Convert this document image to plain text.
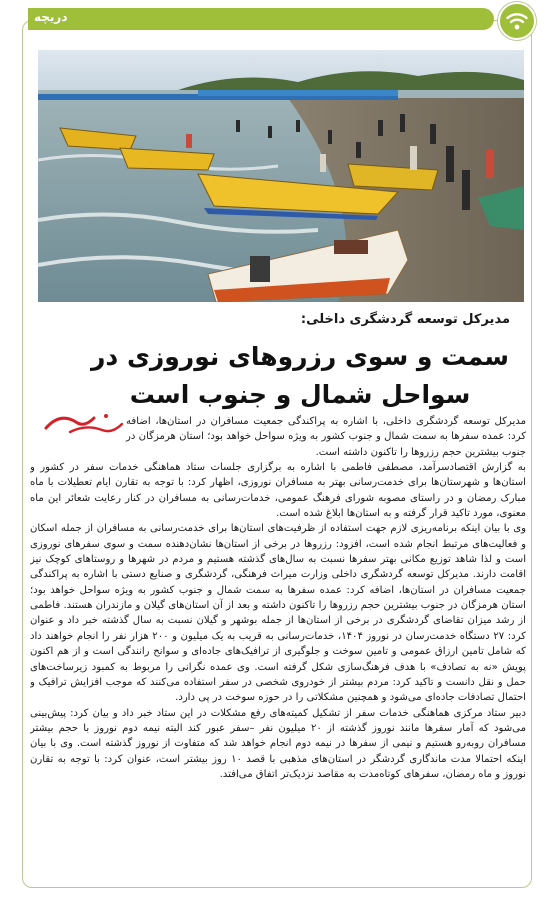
دریچه
مدیرکل توسعه گردشگری داخلی:
سمت و سوی رزروهای نوروزی در سواحل شمال و جنوب است

مدیرکل توسعه گردشگری داخلی، با اشاره به پراکندگی جمعیت مسافران در استان‌ها، اضافه کرد: عمده سفرها به سمت شمال و جنوب کشور به ویژه سواحل خواهد بود؛ استان هرمزگان در جنوب بیشترین حجم رزروها را تاکنون داشته است.

به گزارش اقتصادسرآمد، مصطفی فاطمی با اشاره به برگزاری جلسات ستاد هماهنگی خدمات سفر در کشور و استان‌ها و شهرستان‌ها برای خدمت‌رسانی بهتر به مسافران نوروزی، اظهار کرد: با توجه به تقارن ایام تعطیلات با ماه مبارک رمضان و در راستای مصوبه شورای فرهنگ عمومی، خدمات‌رسانی به مسافران در کنار رعایت شعائر این ماه معنوی، مورد تاکید قرار گرفته و به استان‌ها ابلاغ شده است.

وی با بیان اینکه برنامه‌ریزی لازم جهت استفاده از ظرفیت‌های استان‌ها برای خدمت‌رسانی به مسافران از جمله اسکان و فعالیت‌های مرتبط انجام شده است، افزود: رزروها در برخی از استان‌ها نشان‌دهنده سمت و سوی سفرهای نوروزی است و لذا شاهد توزیع مکانی بهتر سفرها نسبت به سال‌های گذشته هستیم و مردم در شهرها و روستاهای کوچک نیز اقامت دارند. مدیرکل توسعه گردشگری داخلی وزارت میراث فرهنگی، گردشگری و صنایع دستی با اشاره به پراکندگی جمعیت مسافران در استان‌ها، اضافه کرد: عمده سفرها به سمت شمال و جنوب کشور به ویژه سواحل خواهد بود؛ استان هرمزگان در جنوب بیشترین حجم رزروها را تاکنون داشته و بعد از آن استان‌های گیلان و مازندران هستند. فاطمی از رشد میزان تقاضای گردشگری در برخی از استان‌ها از جمله بوشهر و گیلان نسبت به سال گذشته خبر داد و عنوان کرد: ۲۷ دستگاه خدمت‌رسان در نوروز ۱۴۰۴، خدمات‌رسانی به قریب به یک میلیون و ۲۰۰ هزار نفر را انجام خواهند داد که شامل تامین ارزاق عمومی و تامین سوخت و جلوگیری از ترافیک‌های جاده‌ای و سوانح رانندگی است و از هم اکنون پویش «نه به تصادف» با هدف فرهنگ‌سازی شکل گرفته است. وی عمده نگرانی را مربوط به کمبود زیرساخت‌های حمل و نقل دانست و تاکید کرد: مردم بیشتر از خودروی شخصی در سفر استفاده می‌کنند که موجب افزایش ترافیک و احتمال تصادفات جاده‌ای می‌شود و همچنین مشکلاتی را در حوزه سوخت در پی دارد.

دبیر ستاد مرکزی هماهنگی خدمات سفر از تشکیل کمیته‌های رفع مشکلات در این ستاد خبر داد و بیان کرد: پیش‌بینی می‌شود که آمار سفرها مانند نوروز گذشته از ۲۰ میلیون نفر –سفر عبور کند البته نیمه دوم نوروز با حجم بیشتر مسافران روبه‌رو هستیم و نیمی از سفرها در نیمه دوم انجام خواهد شد که متفاوت از نوروز گذشته است. وی با بیان اینکه احتمالا مدت ماندگاری گردشگر در استان‌های مذهبی با قصد ۱۰ روز بیشتر است، عنوان کرد: با توجه به تقارن نوروز و ماه رمضان، سفرهای کوتاه‌مدت به مقاصد نزدیک‌تر اتفاق می‌افتد.
